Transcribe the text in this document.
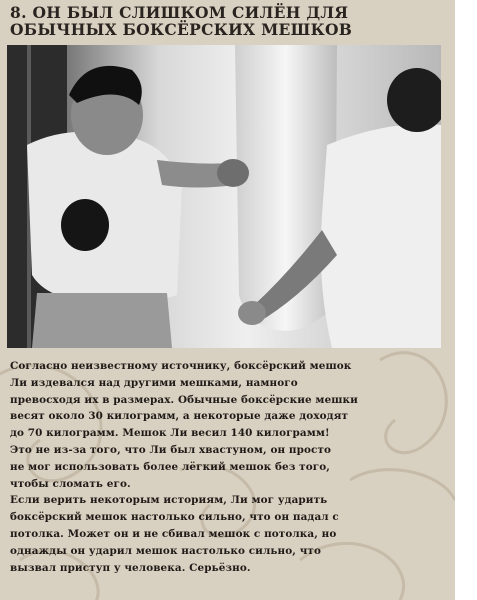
8. ОН БЫЛ СЛИШКОМ СИЛЁН ДЛЯ
ОБЫЧНЫХ БОКСЁРСКИХ МЕШКОВ

Согласно неизвестному источнику, боксёрский мешок
Ли издевался над другими мешками, намного
превосходя их в размерах. Обычные боксёрские мешки
весят около 30 килограмм, а некоторые даже доходят
до 70 килограмм. Мешок Ли весил 140 килограмм!
Это не из-за того, что Ли был хвастуном, он просто
не мог использовать более лёгкий мешок без того,
чтобы сломать его.
Если верить некоторым историям, Ли мог ударить
боксёрский мешок настолько сильно, что он падал с
потолка. Может он и не сбивал мешок с потолка, но
однажды он ударил мешок настолько сильно, что
вызвал приступ у человека. Серьёзно.
